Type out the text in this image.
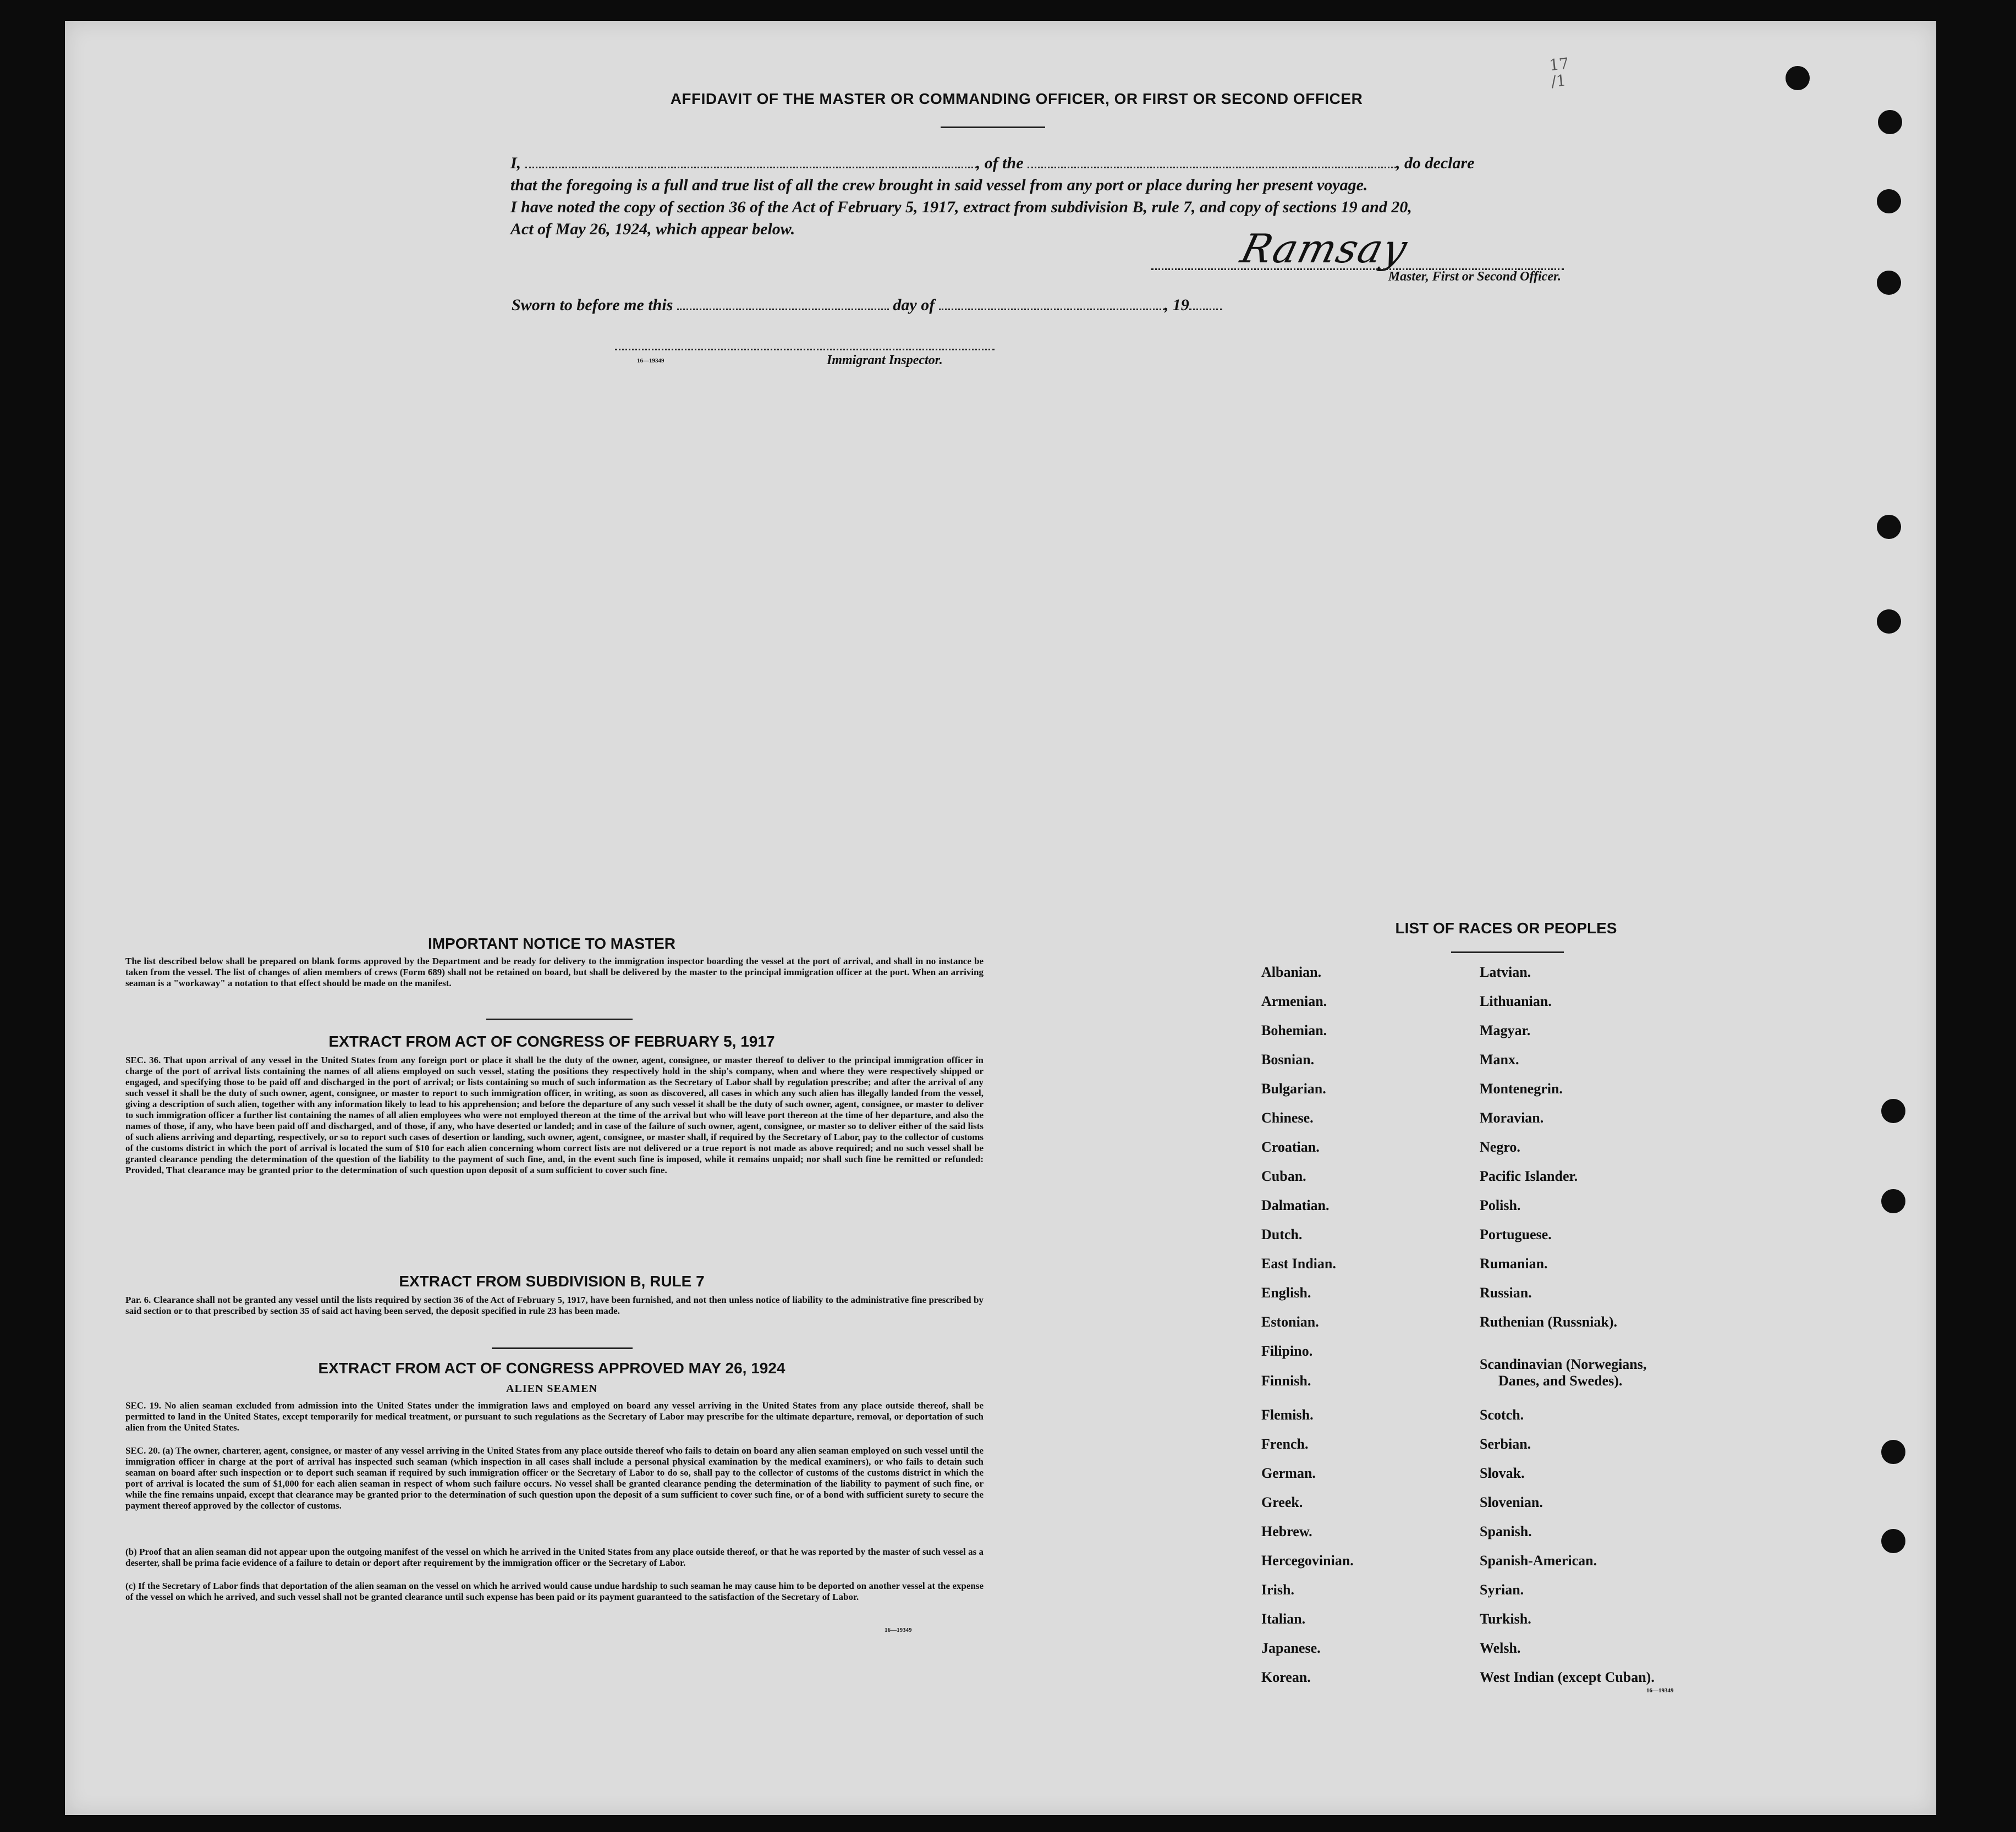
17
/1
AFFIDAVIT OF THE MASTER OR COMMANDING OFFICER, OR FIRST OR SECOND OFFICER
I,	, of the	, do declare
that the foregoing is a full and true list of all the crew brought in said vessel from any port or place during her present voyage.
I have noted the copy of section 36 of the Act of February 5, 1917, extract from subdivision B, rule 7, and copy of sections 19 and 20,
Act of May 26, 1924, which appear below.	Ramsay
Master, First or Second Officer.
Sworn to before me this	day of	, 19
16—19349	Immigrant Inspector.
IMPORTANT NOTICE TO MASTER
The list described below shall be prepared on blank forms approved by the Department and be ready for delivery to the immigration inspector boarding the vessel at the port of arrival, and shall in no instance be taken from the vessel. The list of changes of alien members of crews (Form 689) shall not be retained on board, but shall be delivered by the master to the principal immigration officer at the port. When an arriving seaman is a "workaway" a notation to that effect should be made on the manifest.
EXTRACT FROM ACT OF CONGRESS OF FEBRUARY 5, 1917
SEC. 36. That upon arrival of any vessel in the United States from any foreign port or place it shall be the duty of the owner, agent, consignee, or master thereof to deliver to the principal immigration officer in charge of the port of arrival lists containing the names of all aliens employed on such vessel, stating the positions they respectively hold in the ship's company, when and where they were respectively shipped or engaged, and specifying those to be paid off and discharged in the port of arrival; or lists containing so much of such information as the Secretary of Labor shall by regulation prescribe; and after the arrival of any such vessel it shall be the duty of such owner, agent, consignee, or master to report to such immigration officer, in writing, as soon as discovered, all cases in which any such alien has illegally landed from the vessel, giving a description of such alien, together with any information likely to lead to his apprehension; and before the departure of any such vessel it shall be the duty of such owner, agent, consignee, or master to deliver to such immigration officer a further list containing the names of all alien employees who were not employed thereon at the time of the arrival but who will leave port thereon at the time of her departure, and also the names of those, if any, who have been paid off and discharged, and of those, if any, who have deserted or landed; and in case of the failure of such owner, agent, consignee, or master so to deliver either of the said lists of such aliens arriving and departing, respectively, or so to report such cases of desertion or landing, such owner, agent, consignee, or master shall, if required by the Secretary of Labor, pay to the collector of customs of the customs district in which the port of arrival is located the sum of $10 for each alien concerning whom correct lists are not delivered or a true report is not made as above required; and no such vessel shall be granted clearance pending the determination of the question of the liability to the payment of such fine, and, in the event such fine is imposed, while it remains unpaid; nor shall such fine be remitted or refunded: Provided, That clearance may be granted prior to the determination of such question upon deposit of a sum sufficient to cover such fine.
EXTRACT FROM SUBDIVISION B, RULE 7
Par. 6. Clearance shall not be granted any vessel until the lists required by section 36 of the Act of February 5, 1917, have been furnished, and not then unless notice of liability to the administrative fine prescribed by said section or to that prescribed by section 35 of said act having been served, the deposit specified in rule 23 has been made.
EXTRACT FROM ACT OF CONGRESS APPROVED MAY 26, 1924
ALIEN SEAMEN
SEC. 19. No alien seaman excluded from admission into the United States under the immigration laws and employed on board any vessel arriving in the United States from any place outside thereof, shall be permitted to land in the United States, except temporarily for medical treatment, or pursuant to such regulations as the Secretary of Labor may prescribe for the ultimate departure, removal, or deportation of such alien from the United States.
SEC. 20. (a) The owner, charterer, agent, consignee, or master of any vessel arriving in the United States from any place outside thereof who fails to detain on board any alien seaman employed on such vessel until the immigration officer in charge at the port of arrival has inspected such seaman (which inspection in all cases shall include a personal physical examination by the medical examiners), or who fails to detain such seaman on board after such inspection or to deport such seaman if required by such immigration officer or the Secretary of Labor to do so, shall pay to the collector of customs of the customs district in which the port of arrival is located the sum of $1,000 for each alien seaman in respect of whom such failure occurs. No vessel shall be granted clearance pending the determination of the liability to payment of such fine, or while the fine remains unpaid, except that clearance may be granted prior to the determination of such question upon the deposit of a sum sufficient to cover such fine, or of a bond with sufficient surety to secure the payment thereof approved by the collector of customs.
(b) Proof that an alien seaman did not appear upon the outgoing manifest of the vessel on which he arrived in the United States from any place outside thereof, or that he was reported by the master of such vessel as a deserter, shall be prima facie evidence of a failure to detain or deport after requirement by the immigration officer or the Secretary of Labor.
(c) If the Secretary of Labor finds that deportation of the alien seaman on the vessel on which he arrived would cause undue hardship to such seaman he may cause him to be deported on another vessel at the expense of the vessel on which he arrived, and such vessel shall not be granted clearance until such expense has been paid or its payment guaranteed to the satisfaction of the Secretary of Labor.
16—19349
LIST OF RACES OR PEOPLES
Albanian.
Armenian.
Bohemian.
Bosnian.
Bulgarian.
Chinese.
Croatian.
Cuban.
Dalmatian.
Dutch.
East Indian.
English.
Estonian.
Filipino.
Finnish.
Flemish.
French.
German.
Greek.
Hebrew.
Hercegovinian.
Irish.
Italian.
Japanese.
Korean.
Latvian.
Lithuanian.
Magyar.
Manx.
Montenegrin.
Moravian.
Negro.
Pacific Islander.
Polish.
Portuguese.
Rumanian.
Russian.
Ruthenian (Russniak).
Scandinavian (Norwegians,
Danes, and Swedes).
Scotch.
Serbian.
Slovak.
Slovenian.
Spanish.
Spanish-American.
Syrian.
Turkish.
Welsh.
West Indian (except Cuban).
16—19349
